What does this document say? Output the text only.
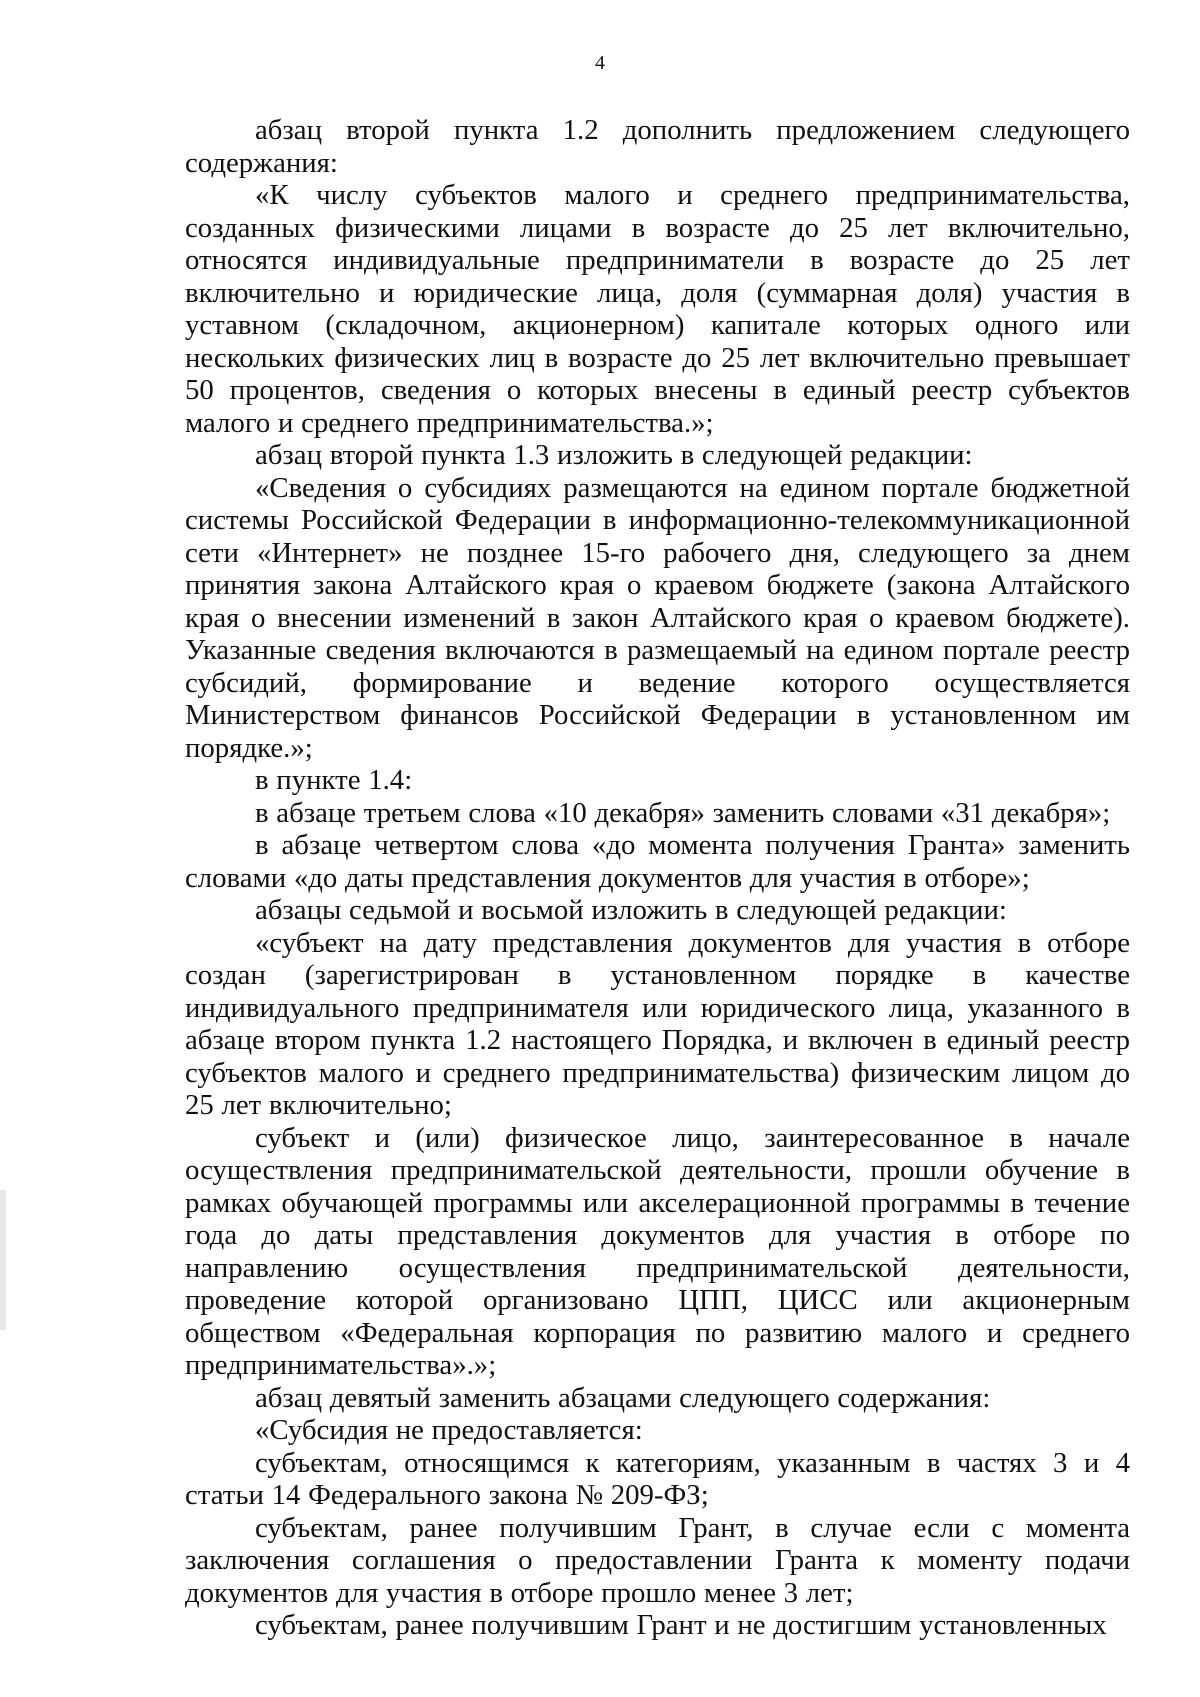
4

абзац второй пункта 1.2 дополнить предложением следующего содержания:

«К числу субъектов малого и среднего предпринимательства, созданных физическими лицами в возрасте до 25 лет включительно, относятся индивидуальные предприниматели в возрасте до 25 лет включительно и юридические лица, доля (суммарная доля) участия в уставном (складочном, акционерном) капитале которых одного или нескольких физических лиц в возрасте до 25 лет включительно превышает 50 процентов, сведения о которых внесены в единый реестр субъектов малого и среднего предпринимательства.»;

абзац второй пункта 1.3 изложить в следующей редакции:

«Сведения о субсидиях размещаются на едином портале бюджетной системы Российской Федерации в информационно-телекоммуникационной сети «Интернет» не позднее 15-го рабочего дня, следующего за днем принятия закона Алтайского края о краевом бюджете (закона Алтайского края о внесении изменений в закон Алтайского края о краевом бюджете). Указанные сведения включаются в размещаемый на едином портале реестр субсидий, формирование и ведение которого осуществляется Министерством финансов Российской Федерации в установленном им порядке.»;

в пункте 1.4:

в абзаце третьем слова «10 декабря» заменить словами «31 декабря»;

в абзаце четвертом слова «до момента получения Гранта» заменить словами «до даты представления документов для участия в отборе»;

абзацы седьмой и восьмой изложить в следующей редакции:

«субъект на дату представления документов для участия в отборе создан (зарегистрирован в установленном порядке в качестве индивидуального предпринимателя или юридического лица, указанного в абзаце втором пункта 1.2 настоящего Порядка, и включен в единый реестр субъектов малого и среднего предпринимательства) физическим лицом до 25 лет включительно;

субъект и (или) физическое лицо, заинтересованное в начале осуществления предпринимательской деятельности, прошли обучение в рамках обучающей программы или акселерационной программы в течение года до даты представления документов для участия в отборе по направлению осуществления предпринимательской деятельности, проведение которой организовано ЦПП, ЦИСС или акционерным обществом «Федеральная корпорация по развитию малого и среднего предпринимательства».»;

абзац девятый заменить абзацами следующего содержания:

«Субсидия не предоставляется:

субъектам, относящимся к категориям, указанным в частях 3 и 4 статьи 14 Федерального закона № 209-ФЗ;

субъектам, ранее получившим Грант, в случае если с момента заключения соглашения о предоставлении Гранта к моменту подачи документов для участия в отборе прошло менее 3 лет;

субъектам, ранее получившим Грант и не достигшим установленных
